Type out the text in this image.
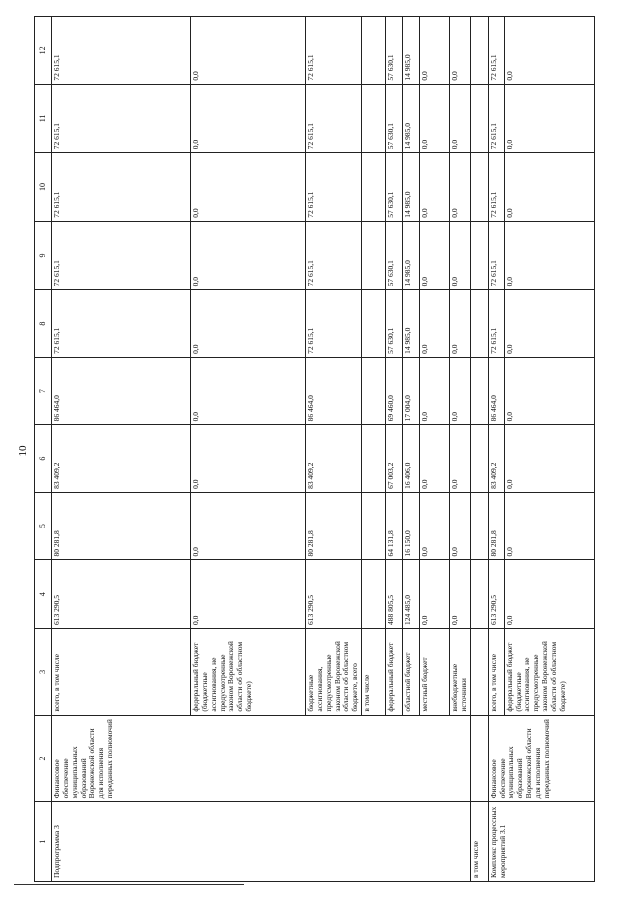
10
1	2	3	4	5	6	7	8	9	10	11	12
Подпрограмма 3	Финансовое обеспечение муниципальных образований Воронежской области для исполнения переданных полномочий	всего, в том числе	613 290,5	80 281,8	83 409,2	86 464,0	72 615,1	72 615,1	72 615,1	72 615,1	72 615,1
		федеральный бюджет (бюджетные ассигнования, не предусмотренные законом Воронежской области об областном бюджете)	0,0	0,0	0,0	0,0	0,0	0,0	0,0	0,0	0,0
		бюджетные ассигнования, предусмотренные законом Воронежской области об областном бюджете, всего	613 290,5	80 281,8	83 409,2	86 464,0	72 615,1	72 615,1	72 615,1	72 615,1	72 615,1
		в том числе									
		федеральный бюджет	488 805,5	64 131,8	67 003,2	69 460,0	57 630,1	57 630,1	57 630,1	57 630,1	57 630,1
		областной бюджет	124 485,0	16 150,0	16 406,0	17 004,0	14 985,0	14 985,0	14 985,0	14 985,0	14 985,0
		местный бюджет	0,0	0,0	0,0	0,0	0,0	0,0	0,0	0,0	0,0
		внебюджетные источники	0,0	0,0	0,0	0,0	0,0	0,0	0,0	0,0	0,0
в том числе											
Комплекс процессных мероприятий 3.1	Финансовое обеспечение муниципальных образований Воронежской области для исполнения переданных полномочий	всего, в том числе	613 290,5	80 281,8	83 409,2	86 464,0	72 615,1	72 615,1	72 615,1	72 615,1	72 615,1
		федеральный бюджет (бюджетные ассигнования, не предусмотренные законом Воронежской области об областном бюджете)	0,0	0,0	0,0	0,0	0,0	0,0	0,0	0,0	0,0
